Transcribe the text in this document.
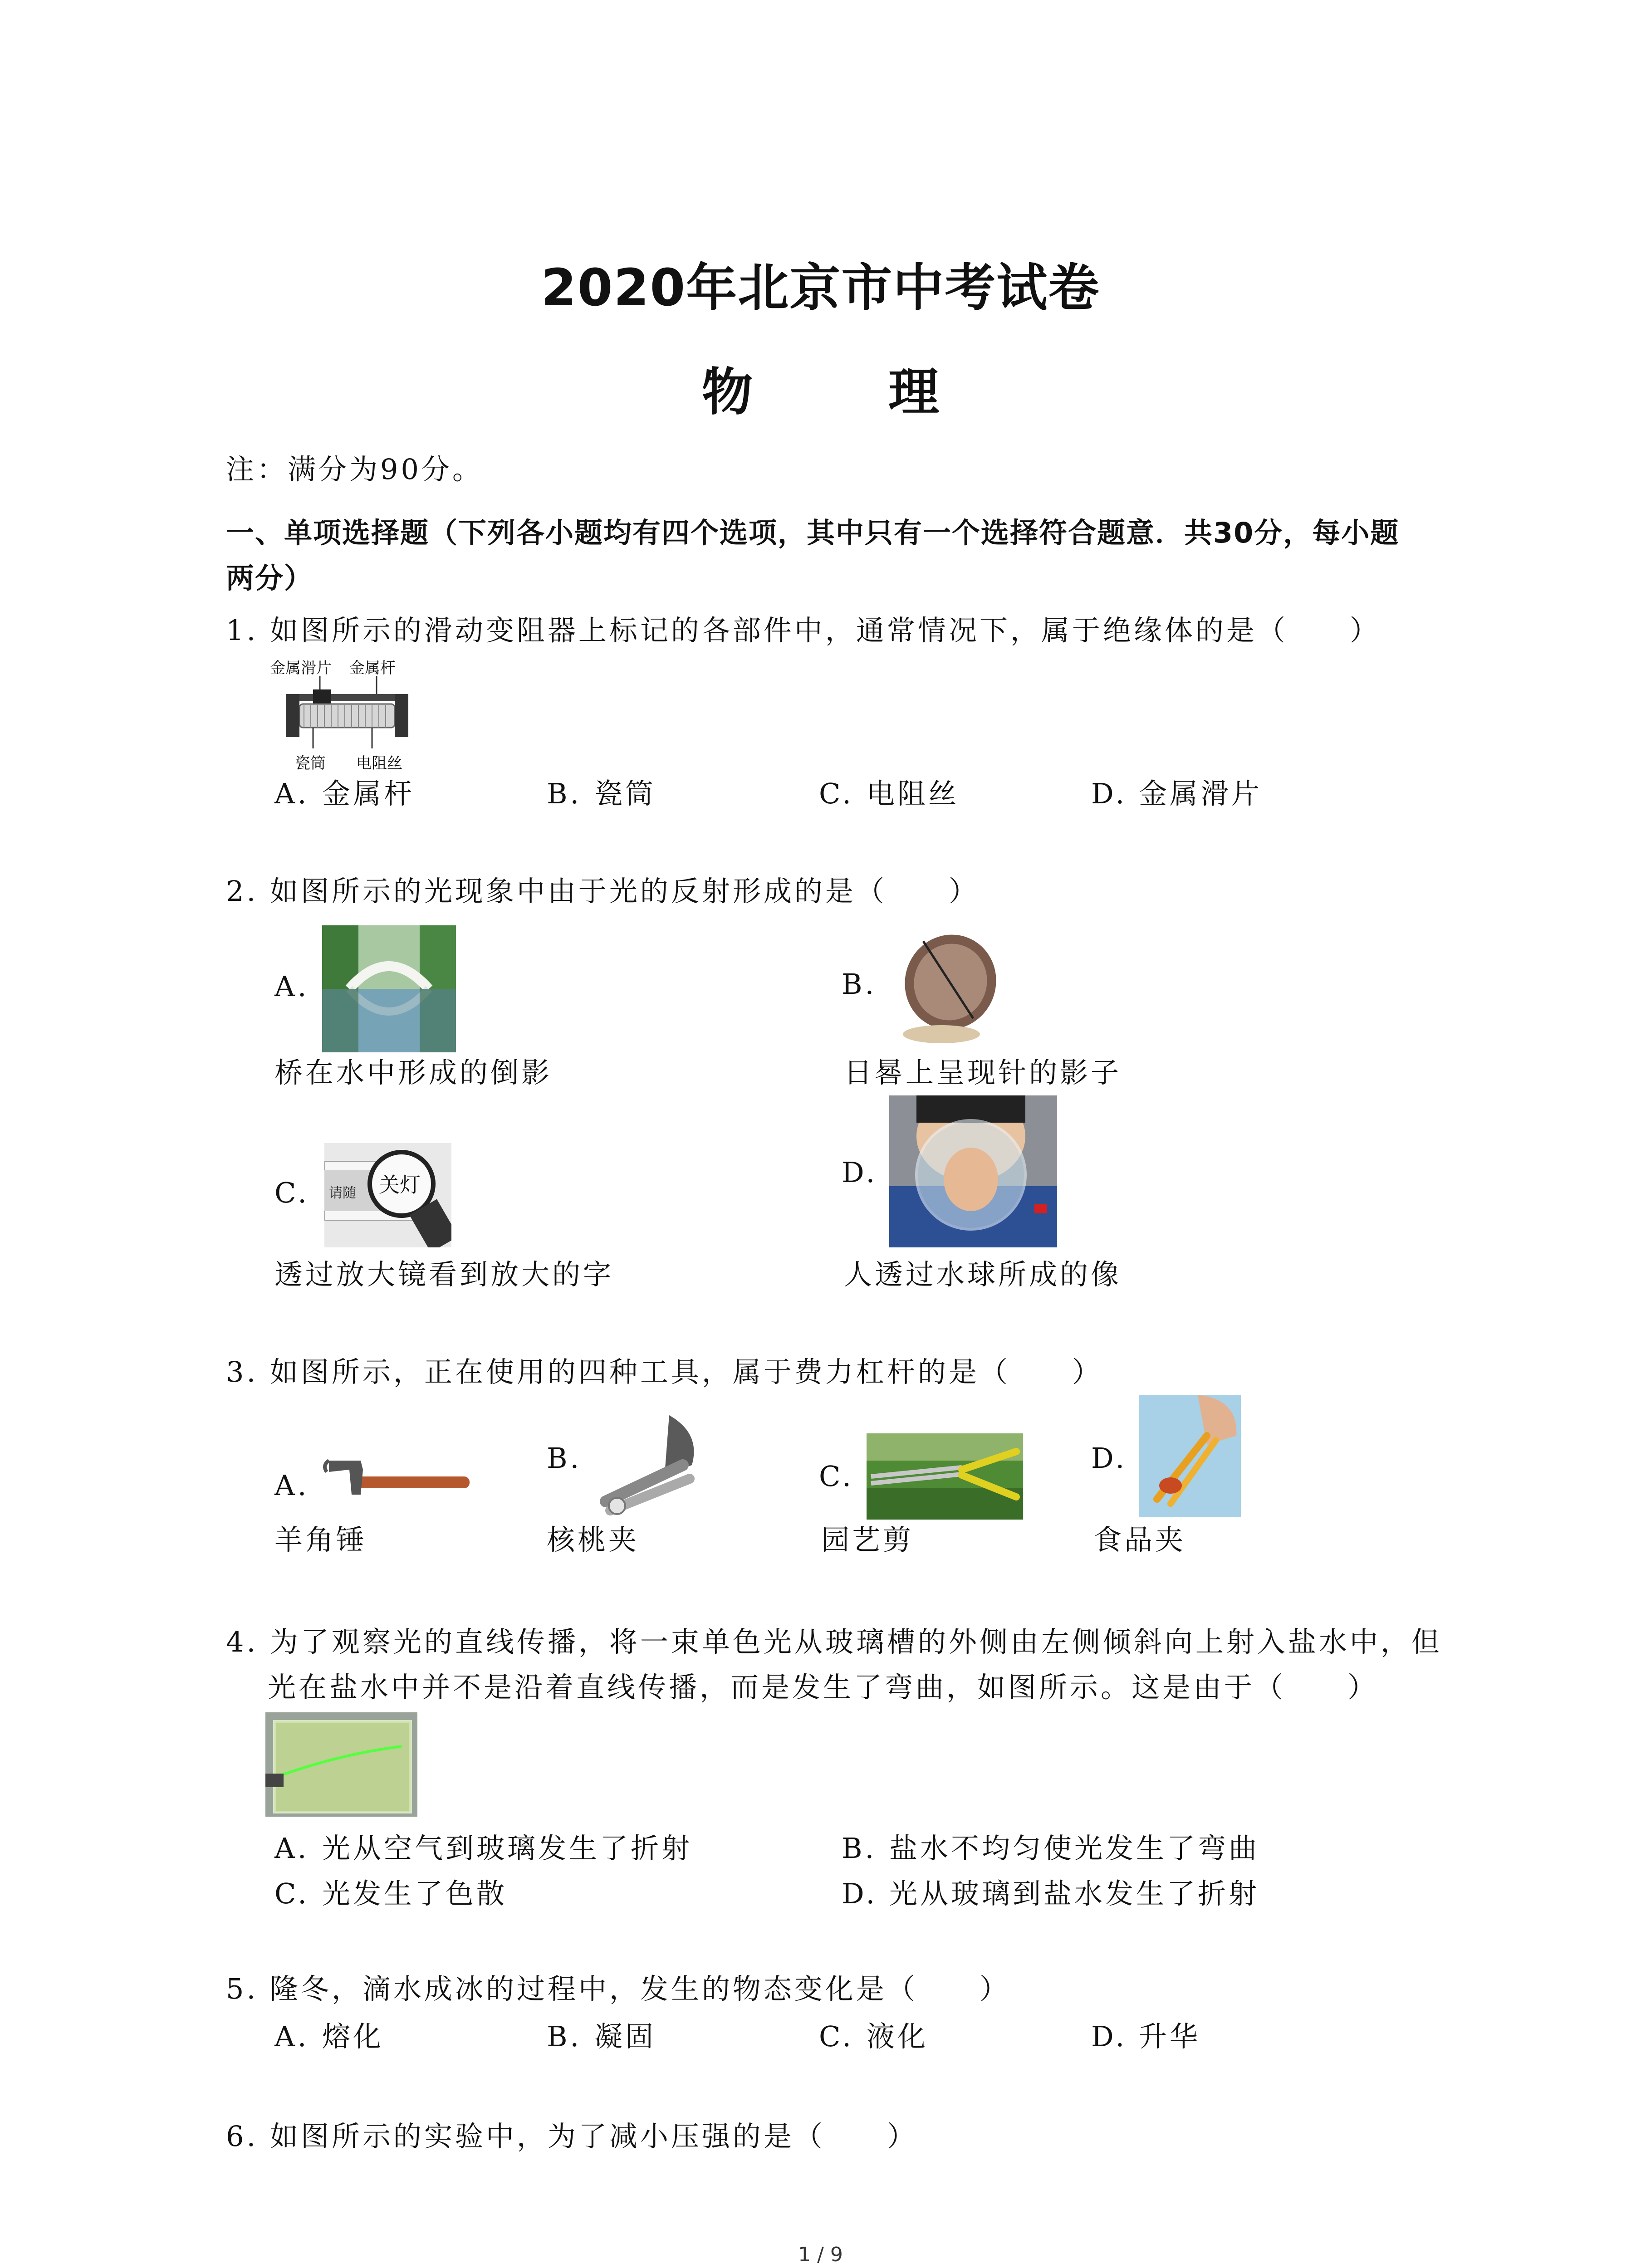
2020年北京市中考试卷
物 理
注：满分为90分。
一、单项选择题（下列各小题均有四个选项，其中只有一个选择符合题意．共30分，每小题
两分）
1. 如图所示的滑动变阻器上标记的各部件中，通常情况下，属于绝缘体的是（　　）
金属滑片 金属杆
瓷筒 电阻丝
A. 金属杆	B. 瓷筒	C. 电阻丝	D. 金属滑片
2. 如图所示的光现象中由于光的反射形成的是（　　）
A.
桥在水中形成的倒影
B.
日晷上呈现针的影子
C. 请随 关灯
透过放大镜看到放大的字
D.
人透过水球所成的像
3. 如图所示，正在使用的四种工具，属于费力杠杆的是（　　）
A.
羊角锤
B.
核桃夹
C.
园艺剪
D.
食品夹
4. 为了观察光的直线传播，将一束单色光从玻璃槽的外侧由左侧倾斜向上射入盐水中，但
光在盐水中并不是沿着直线传播，而是发生了弯曲，如图所示。这是由于（　　）
A. 光从空气到玻璃发生了折射	B. 盐水不均匀使光发生了弯曲
C. 光发生了色散	D. 光从玻璃到盐水发生了折射
5. 隆冬，滴水成冰的过程中，发生的物态变化是（　　）
A. 熔化	B. 凝固	C. 液化	D. 升华
6. 如图所示的实验中，为了减小压强的是（　　）
1 / 9
